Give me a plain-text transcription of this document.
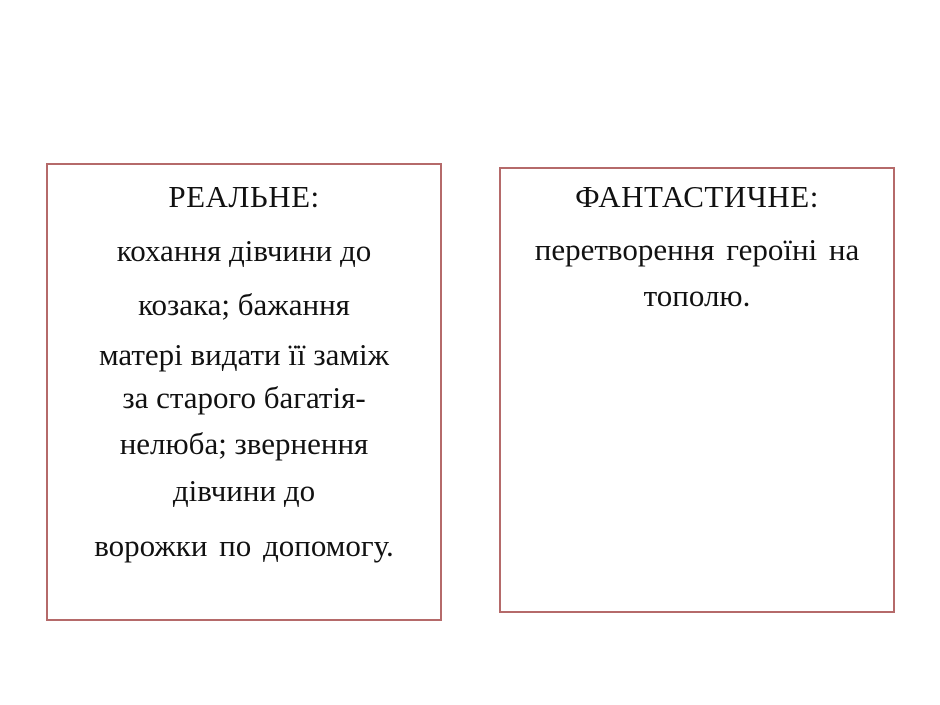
РЕАЛЬНЕ:
кохання дівчини до
козака; бажання
матері видати її заміж
за старого багатія-
нелюба; звернення
дівчини до
ворожки по допомогу.
ФАНТАСТИЧНЕ:
перетворення героїні на
тополю.
